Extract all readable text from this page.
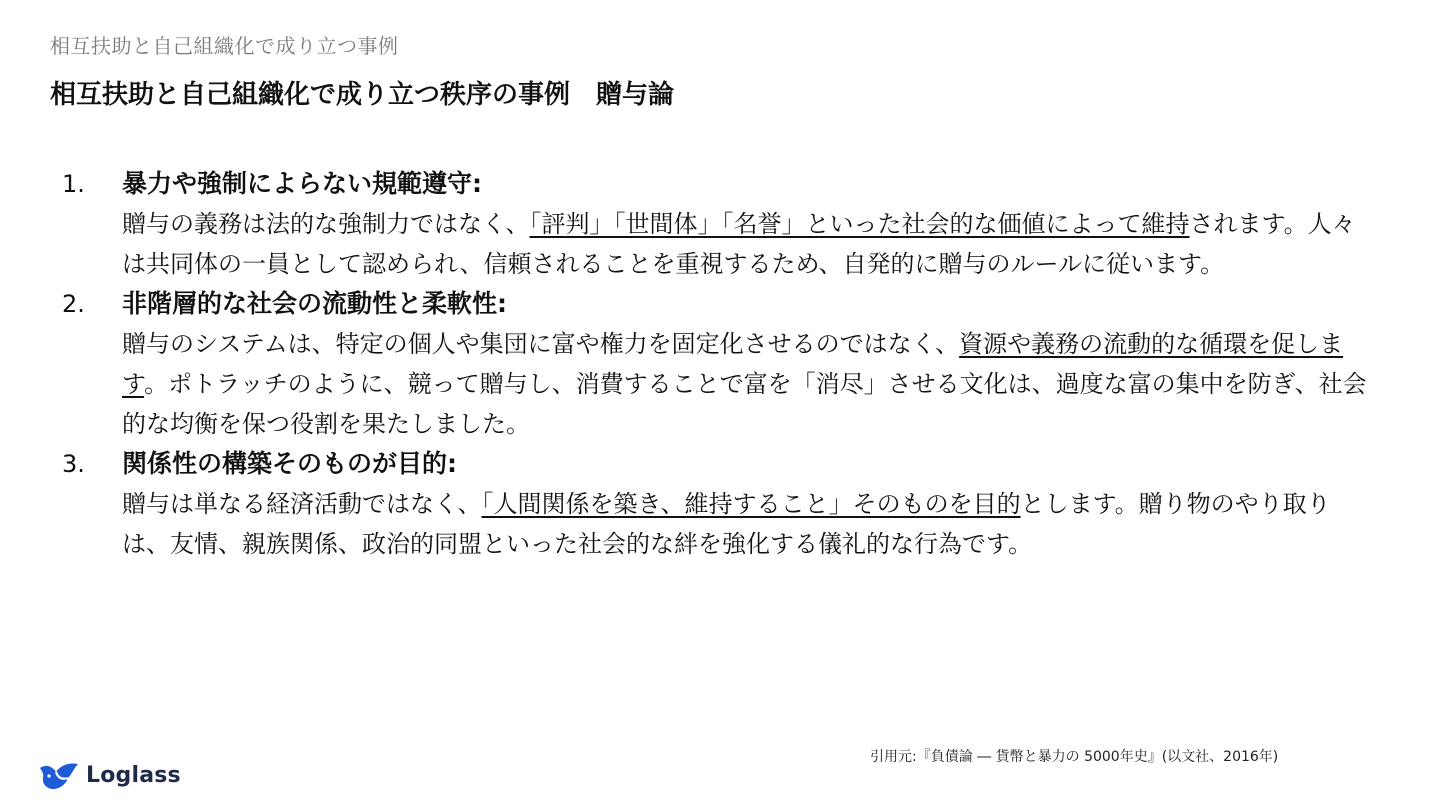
相互扶助と自己組織化で成り立つ事例
相互扶助と自己組織化で成り立つ秩序の事例　贈与論
1.	暴力や強制によらない規範遵守:

贈与の義務は法的な強制力ではなく、「評判」「世間体」「名誉」といった社会的な価値によって維持されます。人々は共同体の一員として認められ、信頼されることを重視するため、自発的に贈与のルールに従います。

2.	非階層的な社会の流動性と柔軟性:

贈与のシステムは、特定の個人や集団に富や権力を固定化させるのではなく、資源や義務の流動的な循環を促します。ポトラッチのように、競って贈与し、消費することで富を「消尽」させる文化は、過度な富の集中を防ぎ、社会的な均衡を保つ役割を果たしました。

3.	関係性の構築そのものが目的:

贈与は単なる経済活動ではなく、「人間関係を築き、維持すること」そのものを目的とします。贈り物のやり取りは、友情、親族関係、政治的同盟といった社会的な絆を強化する儀礼的な行為です。

引用元:『負債論 ― 貨幣と暴力の 5000年史』(以文社、2016年)
Loglass
